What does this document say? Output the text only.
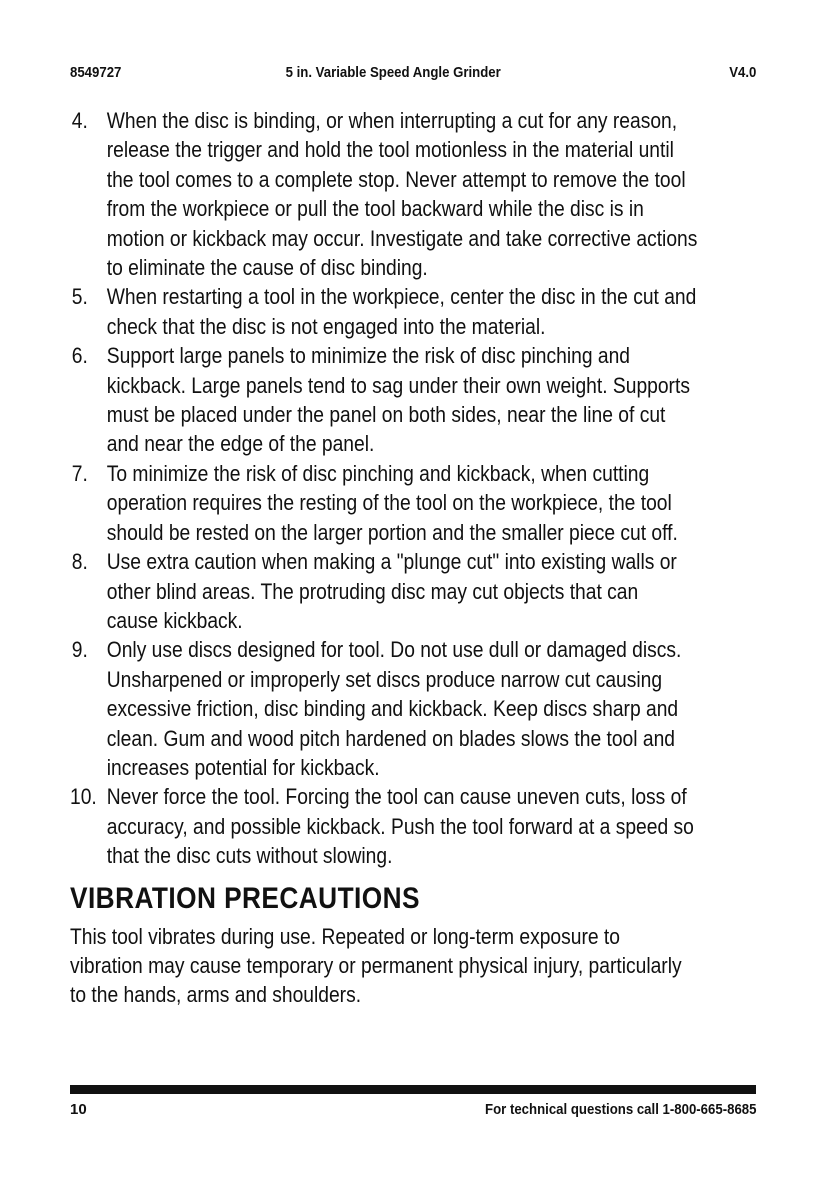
8549727	5 in. Variable Speed Angle Grinder	V4.0
4. When the disc is binding, or when interrupting a cut for any reason,
release the trigger and hold the tool motionless in the material until
the tool comes to a complete stop. Never attempt to remove the tool
from the workpiece or pull the tool backward while the disc is in
motion or kickback may occur. Investigate and take corrective actions
to eliminate the cause of disc binding.
5. When restarting a tool in the workpiece, center the disc in the cut and
check that the disc is not engaged into the material.
6. Support large panels to minimize the risk of disc pinching and
kickback. Large panels tend to sag under their own weight. Supports
must be placed under the panel on both sides, near the line of cut
and near the edge of the panel.
7. To minimize the risk of disc pinching and kickback, when cutting
operation requires the resting of the tool on the workpiece, the tool
should be rested on the larger portion and the smaller piece cut off.
8. Use extra caution when making a "plunge cut" into existing walls or
other blind areas. The protruding disc may cut objects that can
cause kickback.
9. Only use discs designed for tool. Do not use dull or damaged discs.
Unsharpened or improperly set discs produce narrow cut causing
excessive friction, disc binding and kickback. Keep discs sharp and
clean. Gum and wood pitch hardened on blades slows the tool and
increases potential for kickback.
10. Never force the tool. Forcing the tool can cause uneven cuts, loss of
accuracy, and possible kickback. Push the tool forward at a speed so
that the disc cuts without slowing.
VIBRATION PRECAUTIONS

This tool vibrates during use. Repeated or long-term exposure to
vibration may cause temporary or permanent physical injury, particularly
to the hands, arms and shoulders.

10	For technical questions call 1-800-665-8685
